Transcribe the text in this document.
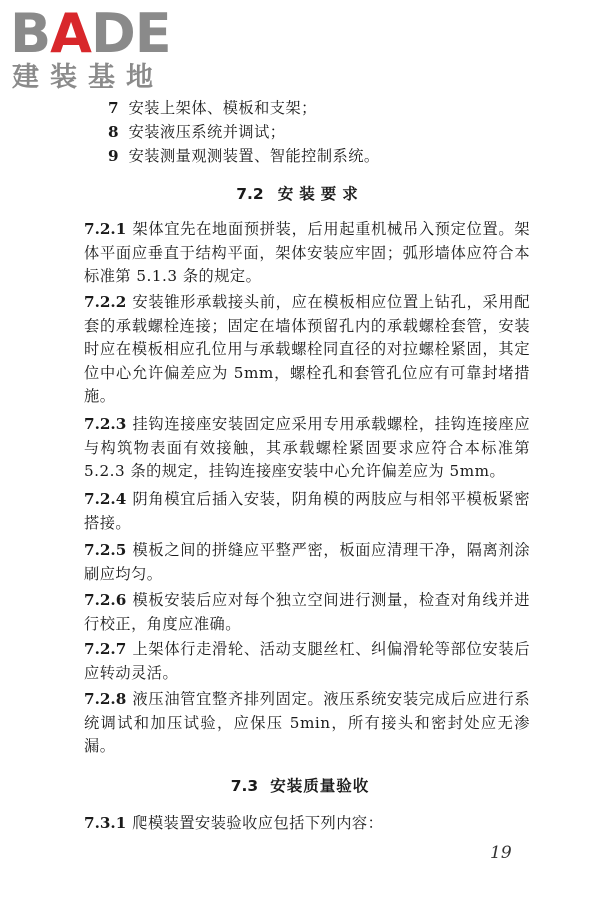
BADE
建装基地
7 安装上架体、模板和支架；
8 安装液压系统并调试；
9 安装测量观测装置、智能控制系统。
7.2 安装要求
7.2.1 架体宜先在地面预拼装，后用起重机械吊入预定位置。架体平面应垂直于结构平面，架体安装应牢固；弧形墙体应符合本标准第 5.1.3 条的规定。
7.2.2 安装锥形承载接头前，应在模板相应位置上钻孔，采用配套的承载螺栓连接；固定在墙体预留孔内的承载螺栓套管，安装时应在模板相应孔位用与承载螺栓同直径的对拉螺栓紧固，其定位中心允许偏差应为 5mm，螺栓孔和套管孔位应有可靠封堵措施。
7.2.3 挂钩连接座安装固定应采用专用承载螺栓，挂钩连接座应与构筑物表面有效接触，其承载螺栓紧固要求应符合本标准第 5.2.3 条的规定，挂钩连接座安装中心允许偏差应为 5mm。
7.2.4 阴角模宜后插入安装，阴角模的两肢应与相邻平模板紧密搭接。
7.2.5 模板之间的拼缝应平整严密，板面应清理干净，隔离剂涂刷应均匀。
7.2.6 模板安装后应对每个独立空间进行测量，检查对角线并进行校正，角度应准确。
7.2.7 上架体行走滑轮、活动支腿丝杠、纠偏滑轮等部位安装后应转动灵活。
7.2.8 液压油管宜整齐排列固定。液压系统安装完成后应进行系统调试和加压试验，应保压 5min，所有接头和密封处应无渗漏。
7.3 安装质量验收
7.3.1 爬模装置安装验收应包括下列内容：
19
